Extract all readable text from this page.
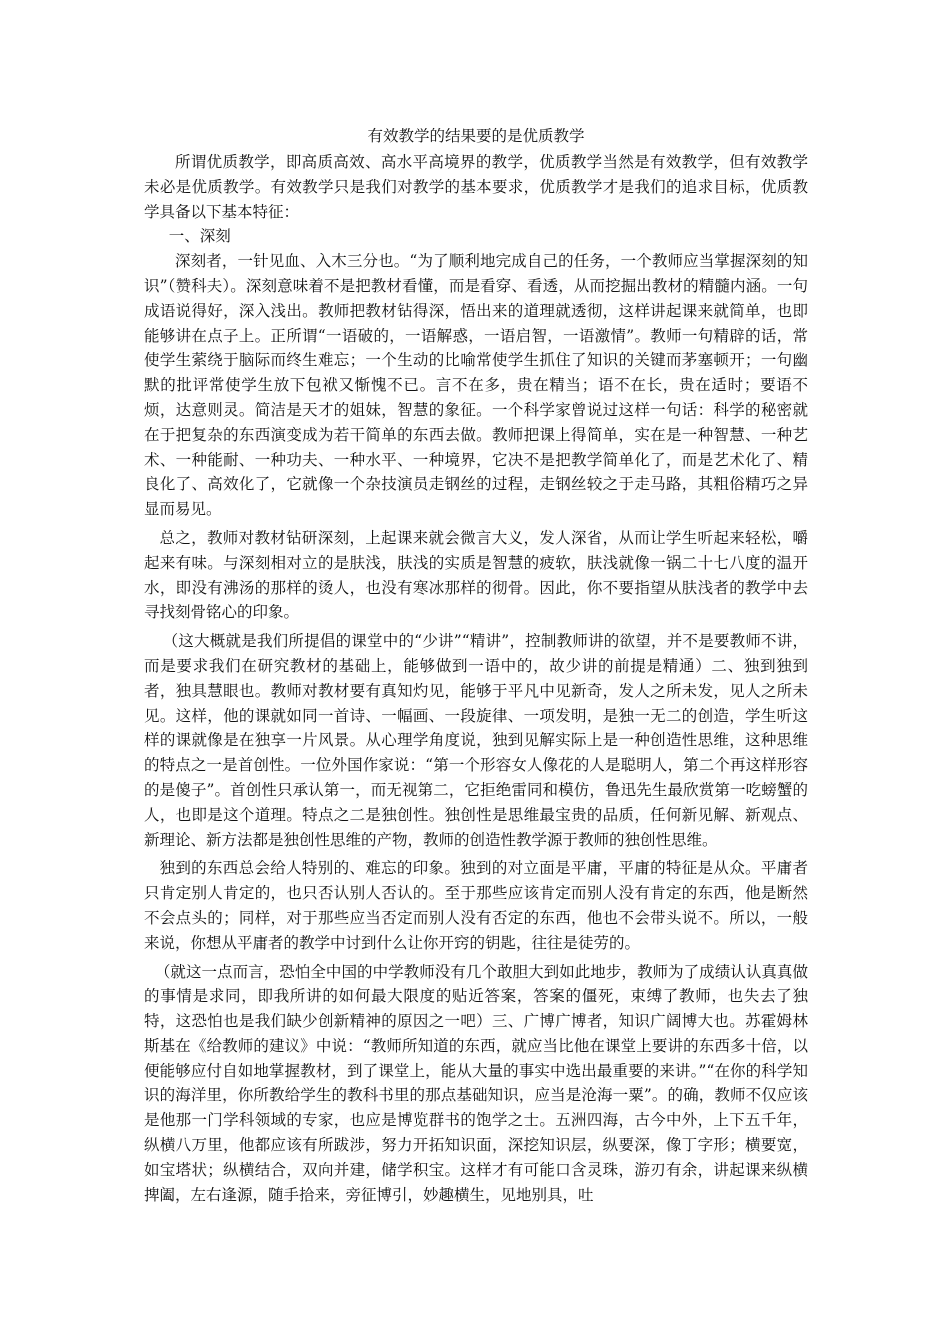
有效教学的结果要的是优质教学

所谓优质教学，即高质高效、高水平高境界的教学，优质教学当然是有效教学，但有效教学未必是优质教学。有效教学只是我们对教学的基本要求，优质教学才是我们的追求目标，优质教学具备以下基本特征：

一、深刻

深刻者，一针见血、入木三分也。“为了顺利地完成自己的任务，一个教师应当掌握深刻的知识”（赞科夫）。深刻意味着不是把教材看懂，而是看穿、看透，从而挖掘出教材的精髓内涵。一句成语说得好，深入浅出。教师把教材钻得深，悟出来的道理就透彻，这样讲起课来就简单，也即能够讲在点子上。正所谓“一语破的，一语解惑，一语启智，一语激情”。教师一句精辟的话，常使学生萦绕于脑际而终生难忘；一个生动的比喻常使学生抓住了知识的关键而茅塞顿开；一句幽默的批评常使学生放下包袱又惭愧不已。言不在多，贵在精当；语不在长，贵在适时；要语不烦，达意则灵。简洁是天才的姐妹，智慧的象征。一个科学家曾说过这样一句话：科学的秘密就在于把复杂的东西演变成为若干简单的东西去做。教师把课上得简单，实在是一种智慧、一种艺术、一种能耐、一种功夫、一种水平、一种境界，它决不是把教学简单化了，而是艺术化了、精良化了、高效化了，它就像一个杂技演员走钢丝的过程，走钢丝较之于走马路，其粗俗精巧之异显而易见。

总之，教师对教材钻研深刻，上起课来就会微言大义，发人深省，从而让学生听起来轻松，嚼起来有味。与深刻相对立的是肤浅，肤浅的实质是智慧的疲软，肤浅就像一锅二十七八度的温开水，即没有沸汤的那样的烫人，也没有寒冰那样的彻骨。因此，你不要指望从肤浅者的教学中去寻找刻骨铭心的印象。

（这大概就是我们所提倡的课堂中的“少讲”“精讲”，控制教师讲的欲望，并不是要教师不讲，而是要求我们在研究教材的基础上，能够做到一语中的，故少讲的前提是精通）二、独到独到者，独具慧眼也。教师对教材要有真知灼见，能够于平凡中见新奇，发人之所未发，见人之所未见。这样，他的课就如同一首诗、一幅画、一段旋律、一项发明，是独一无二的创造，学生听这样的课就像是在独享一片风景。从心理学角度说，独到见解实际上是一种创造性思维，这种思维的特点之一是首创性。一位外国作家说：“第一个形容女人像花的人是聪明人，第二个再这样形容的是傻子”。首创性只承认第一，而无视第二，它拒绝雷同和模仿，鲁迅先生最欣赏第一吃螃蟹的人，也即是这个道理。特点之二是独创性。独创性是思维最宝贵的品质，任何新见解、新观点、新理论、新方法都是独创性思维的产物，教师的创造性教学源于教师的独创性思维。

独到的东西总会给人特别的、难忘的印象。独到的对立面是平庸，平庸的特征是从众。平庸者只肯定别人肯定的，也只否认别人否认的。至于那些应该肯定而别人没有肯定的东西，他是断然不会点头的；同样，对于那些应当否定而别人没有否定的东西，他也不会带头说不。所以，一般来说，你想从平庸者的教学中讨到什么让你开窍的钥匙，往往是徒劳的。

（就这一点而言，恐怕全中国的中学教师没有几个敢胆大到如此地步，教师为了成绩认认真真做的事情是求同，即我所讲的如何最大限度的贴近答案，答案的僵死，束缚了教师，也失去了独特，这恐怕也是我们缺少创新精神的原因之一吧）三、广博广博者，知识广阔博大也。苏霍姆林斯基在《给教师的建议》中说：“教师所知道的东西，就应当比他在课堂上要讲的东西多十倍，以便能够应付自如地掌握教材，到了课堂上，能从大量的事实中选出最重要的来讲。”“在你的科学知识的海洋里，你所教给学生的教科书里的那点基础知识，应当是沧海一粟”。的确，教师不仅应该是他那一门学科领域的专家，也应是博览群书的饱学之士。五洲四海，古今中外，上下五千年，纵横八万里，他都应该有所跋涉，努力开拓知识面，深挖知识层，纵要深，像丁字形；横要宽，如宝塔状；纵横结合，双向并建，储学积宝。这样才有可能口含灵珠，游刃有余，讲起课来纵横捭阖，左右逢源，随手拾来，旁征博引，妙趣横生，见地别具，吐
